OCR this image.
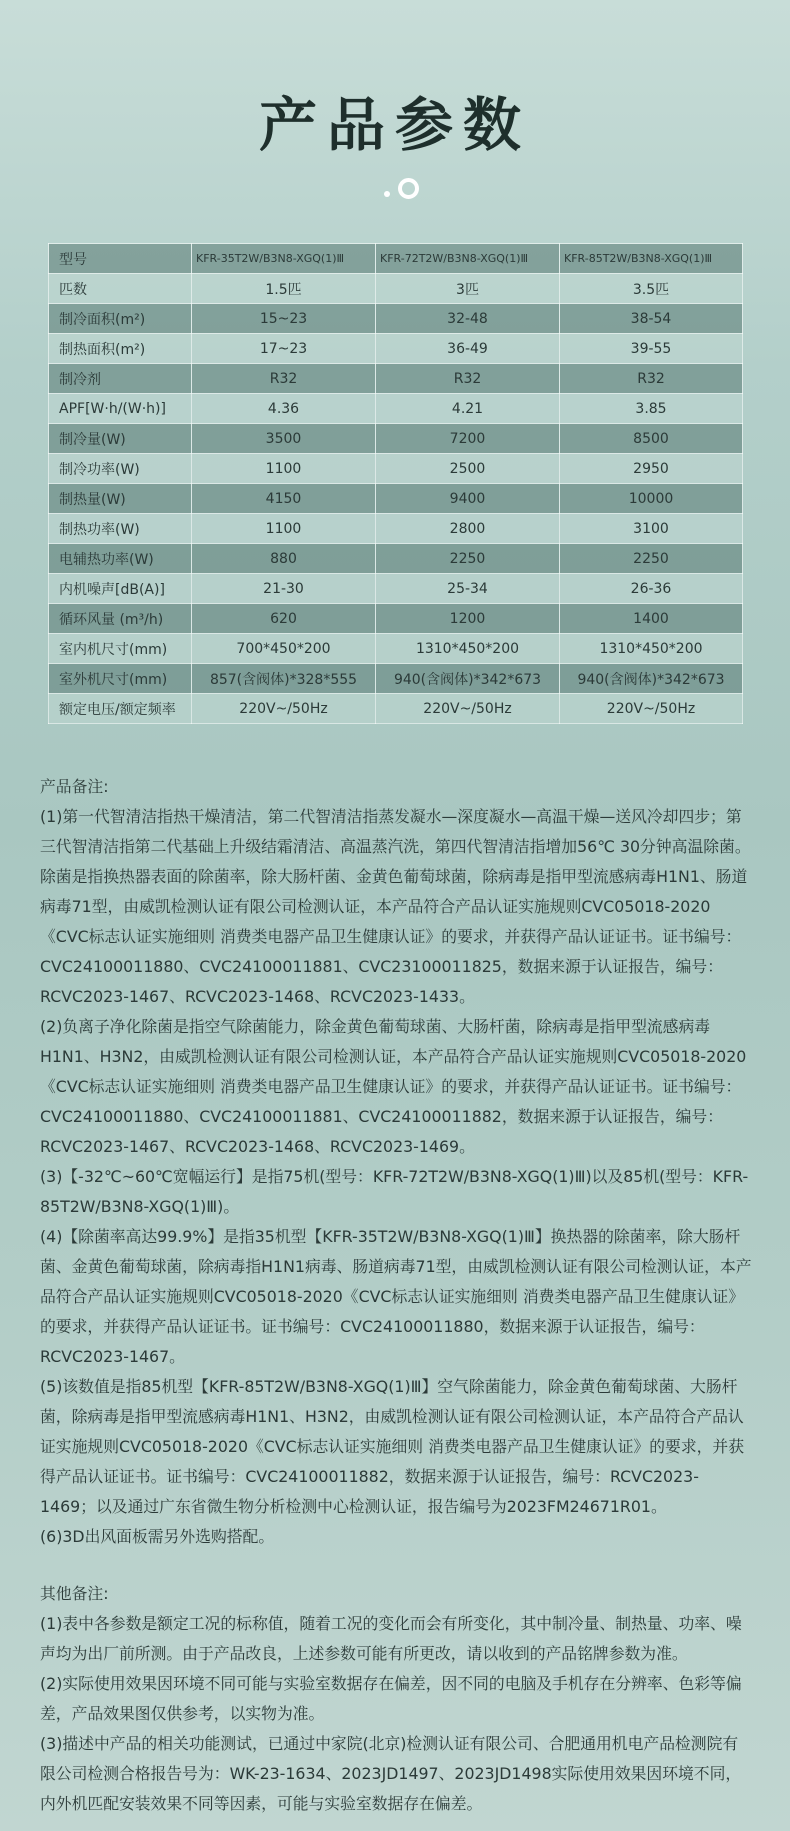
产品参数
型号	KFR-35T2W/B3N8-XGQ(1)Ⅲ	KFR-72T2W/B3N8-XGQ(1)Ⅲ	KFR-85T2W/B3N8-XGQ(1)Ⅲ
匹数	1.5匹	3匹	3.5匹
制冷面积(m²)	15~23	32-48	38-54
制热面积(m²)	17~23	36-49	39-55
制冷剂	R32	R32	R32
APF[W·h/(W·h)]	4.36	4.21	3.85
制冷量(W)	3500	7200	8500
制冷功率(W)	1100	2500	2950
制热量(W)	4150	9400	10000
制热功率(W)	1100	2800	3100
电辅热功率(W)	880	2250	2250
内机噪声[dB(A)]	21-30	25-34	26-36
循环风量 (m³/h)	620	1200	1400
室内机尺寸(mm)	700*450*200	1310*450*200	1310*450*200
室外机尺寸(mm)	857(含阀体)*328*555	940(含阀体)*342*673	940(含阀体)*342*673
额定电压/额定频率	220V~/50Hz	220V~/50Hz	220V~/50Hz

产品备注:

(1)第一代智清洁指热干燥清洁，第二代智清洁指蒸发凝水—深度凝水—高温干燥—送风冷却四步；第三代智清洁指第二代基础上升级结霜清洁、高温蒸汽洗，第四代智清洁指增加56℃ 30分钟高温除菌。除菌是指换热器表面的除菌率，除大肠杆菌、金黄色葡萄球菌，除病毒是指甲型流感病毒H1N1、肠道病毒71型，由威凯检测认证有限公司检测认证，本产品符合产品认证实施规则CVC05018-2020《CVC标志认证实施细则 消费类电器产品卫生健康认证》的要求，并获得产品认证证书。证书编号：CVC24100011880、CVC24100011881、CVC23100011825，数据来源于认证报告，编号：RCVC2023-1467、RCVC2023-1468、RCVC2023-1433。

(2)负离子净化除菌是指空气除菌能力，除金黄色葡萄球菌、大肠杆菌，除病毒是指甲型流感病毒H1N1、H3N2，由威凯检测认证有限公司检测认证，本产品符合产品认证实施规则CVC05018-2020《CVC标志认证实施细则 消费类电器产品卫生健康认证》的要求，并获得产品认证证书。证书编号：CVC24100011880、CVC24100011881、CVC24100011882，数据来源于认证报告，编号：RCVC2023-1467、RCVC2023-1468、RCVC2023-1469。

(3)【-32℃~60℃宽幅运行】是指75机(型号：KFR-72T2W/B3N8-XGQ(1)Ⅲ)以及85机(型号：KFR-85T2W/B3N8-XGQ(1)Ⅲ)。

(4)【除菌率高达99.9%】是指35机型【KFR-35T2W/B3N8-XGQ(1)Ⅲ】换热器的除菌率，除大肠杆菌、金黄色葡萄球菌，除病毒指H1N1病毒、肠道病毒71型，由威凯检测认证有限公司检测认证，本产品符合产品认证实施规则CVC05018-2020《CVC标志认证实施细则 消费类电器产品卫生健康认证》的要求，并获得产品认证证书。证书编号：CVC24100011880，数据来源于认证报告，编号：RCVC2023-1467。

(5)该数值是指85机型【KFR-85T2W/B3N8-XGQ(1)Ⅲ】空气除菌能力，除金黄色葡萄球菌、大肠杆菌，除病毒是指甲型流感病毒H1N1、H3N2，由威凯检测认证有限公司检测认证，本产品符合产品认证实施规则CVC05018-2020《CVC标志认证实施细则 消费类电器产品卫生健康认证》的要求，并获得产品认证证书。证书编号：CVC24100011882，数据来源于认证报告，编号：RCVC2023-1469；以及通过广东省微生物分析检测中心检测认证，报告编号为2023FM24671R01。

(6)3D出风面板需另外选购搭配。

其他备注:

(1)表中各参数是额定工况的标称值，随着工况的变化而会有所变化，其中制冷量、制热量、功率、噪声均为出厂前所测。由于产品改良，上述参数可能有所更改，请以收到的产品铭牌参数为准。

(2)实际使用效果因环境不同可能与实验室数据存在偏差，因不同的电脑及手机存在分辨率、色彩等偏差，产品效果图仅供参考，以实物为准。

(3)描述中产品的相关功能测试，已通过中家院(北京)检测认证有限公司、合肥通用机电产品检测院有限公司检测合格报告号为：WK-23-1634、2023JD1497、2023JD1498实际使用效果因环境不同，内外机匹配安装效果不同等因素，可能与实验室数据存在偏差。
